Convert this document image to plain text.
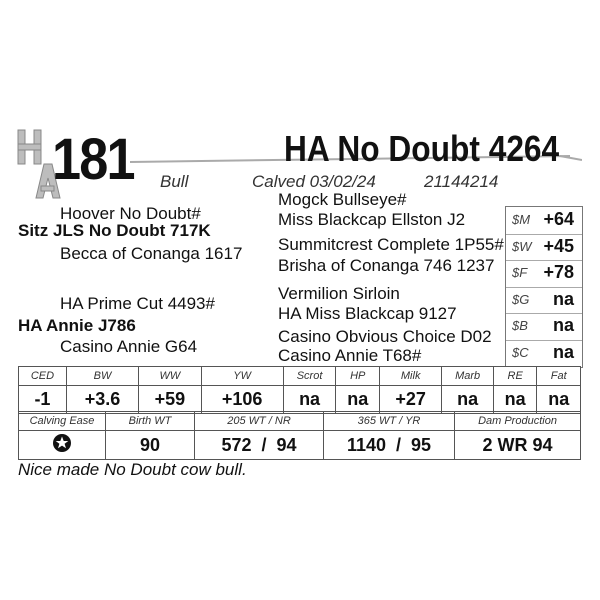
181	HA No Doubt 4264
Bull	Calved 03/02/24	21144214
Hoover No Doubt#
Sitz JLS No Doubt 717K
Becca of Conanga 1617
HA Prime Cut 4493#
HA Annie J786
Casino Annie G64
Mogck Bullseye#
Miss Blackcap Ellston J2
Summitcrest Complete 1P55#
Brisha of Conanga 746 1237
Vermilion Sirloin
HA Miss Blackcap 9127
Casino Obvious Choice D02
Casino Annie T68#
$M +64
$W +45
$F +78
$G na
$B na
$C na
CED	BW	WW	YW	Scrot	HP	Milk	Marb	RE	Fat
-1	+3.6	+59	+106	na	na	+27	na	na	na
Calving Ease	Birth WT	205 WT / NR	365 WT / YR	Dam Production
	90	572  /  94	1140  /  95	2 WR 94
Nice made No Doubt cow bull.
